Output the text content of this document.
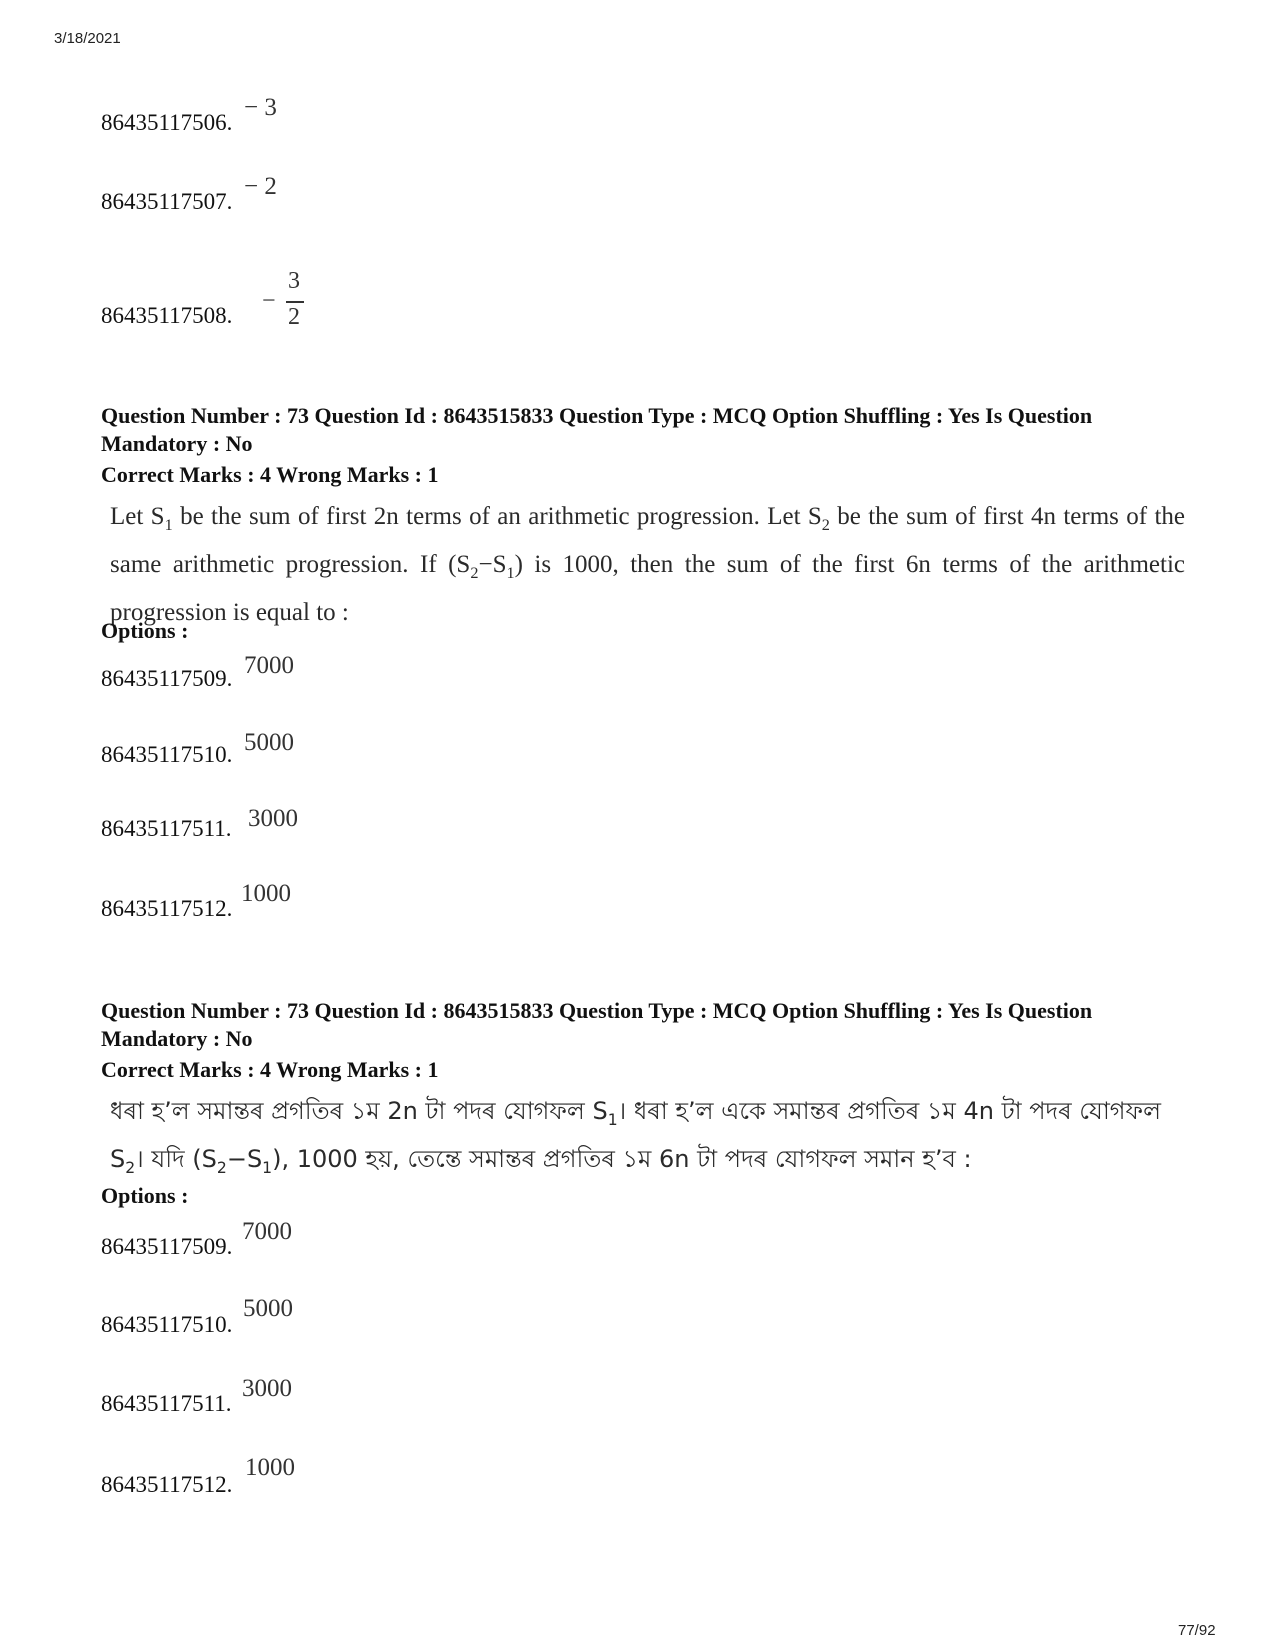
3/18/2021
86435117506.
− 3
86435117507.
− 2
86435117508.
−
3
2
Question Number : 73 Question Id : 8643515833 Question Type : MCQ Option Shuffling : Yes Is Question Mandatory : No
Correct Marks : 4 Wrong Marks : 1
Let $S_1$ be the sum of first 2n terms of an arithmetic progression. Let $S_2$ be the sum of first 4n terms of the same arithmetic progression. If $(S_2-S_1)$ is 1000, then the sum of the first 6n terms of the arithmetic progression is equal to :
Options :
86435117509. 7000
86435117510. 5000
86435117511. 3000
86435117512.
1000
Question Number : 73 Question Id : 8643515833 Question Type : MCQ Option Shuffling : Yes Is Question Mandatory : No
Correct Marks : 4 Wrong Marks : 1
ধৰা হ’ল সমান্তৰ প্ৰগতিৰ ১ম 2n টা পদৰ যোগফল $S_1।$ ধৰা হ’ল একে সমান্তৰ প্ৰগতিৰ ১ম 4n টা পদৰ যোগফল $S_2।$ যদি $(S_2-S_1)$, 1000 হয়, তেন্তে সমান্তৰ প্ৰগতিৰ ১ম 6n টা পদৰ যোগফল সমান হ’ব :
Options :
86435117509.
7000
86435117510.
5000
86435117511.
3000
86435117512.
1000
77/92
